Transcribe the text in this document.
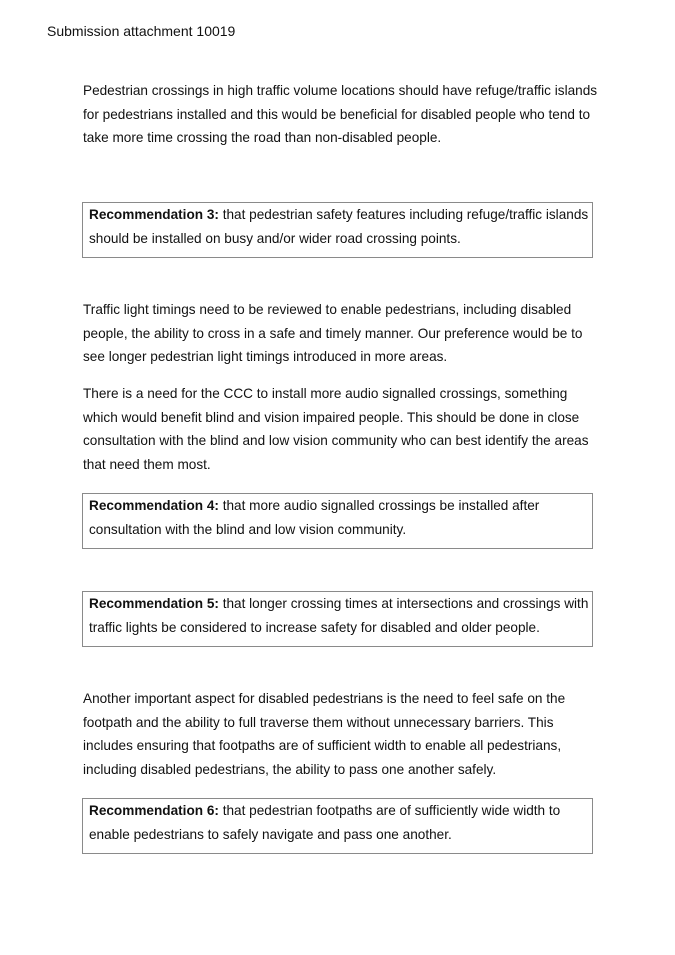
Submission attachment 10019

Pedestrian crossings in high traffic volume locations should have refuge/traffic islands for pedestrians installed and this would be beneficial for disabled people who tend to take more time crossing the road than non-disabled people.

Recommendation 3: that pedestrian safety features including refuge/traffic islands should be installed on busy and/or wider road crossing points.

Traffic light timings need to be reviewed to enable pedestrians, including disabled people, the ability to cross in a safe and timely manner. Our preference would be to see longer pedestrian light timings introduced in more areas.

There is a need for the CCC to install more audio signalled crossings, something which would benefit blind and vision impaired people. This should be done in close consultation with the blind and low vision community who can best identify the areas that need them most.

Recommendation 4: that more audio signalled crossings be installed after consultation with the blind and low vision community.

Recommendation 5: that longer crossing times at intersections and crossings with traffic lights be considered to increase safety for disabled and older people.

Another important aspect for disabled pedestrians is the need to feel safe on the footpath and the ability to full traverse them without unnecessary barriers. This includes ensuring that footpaths are of sufficient width to enable all pedestrians, including disabled pedestrians, the ability to pass one another safely.

Recommendation 6: that pedestrian footpaths are of sufficiently wide width to enable pedestrians to safely navigate and pass one another.
